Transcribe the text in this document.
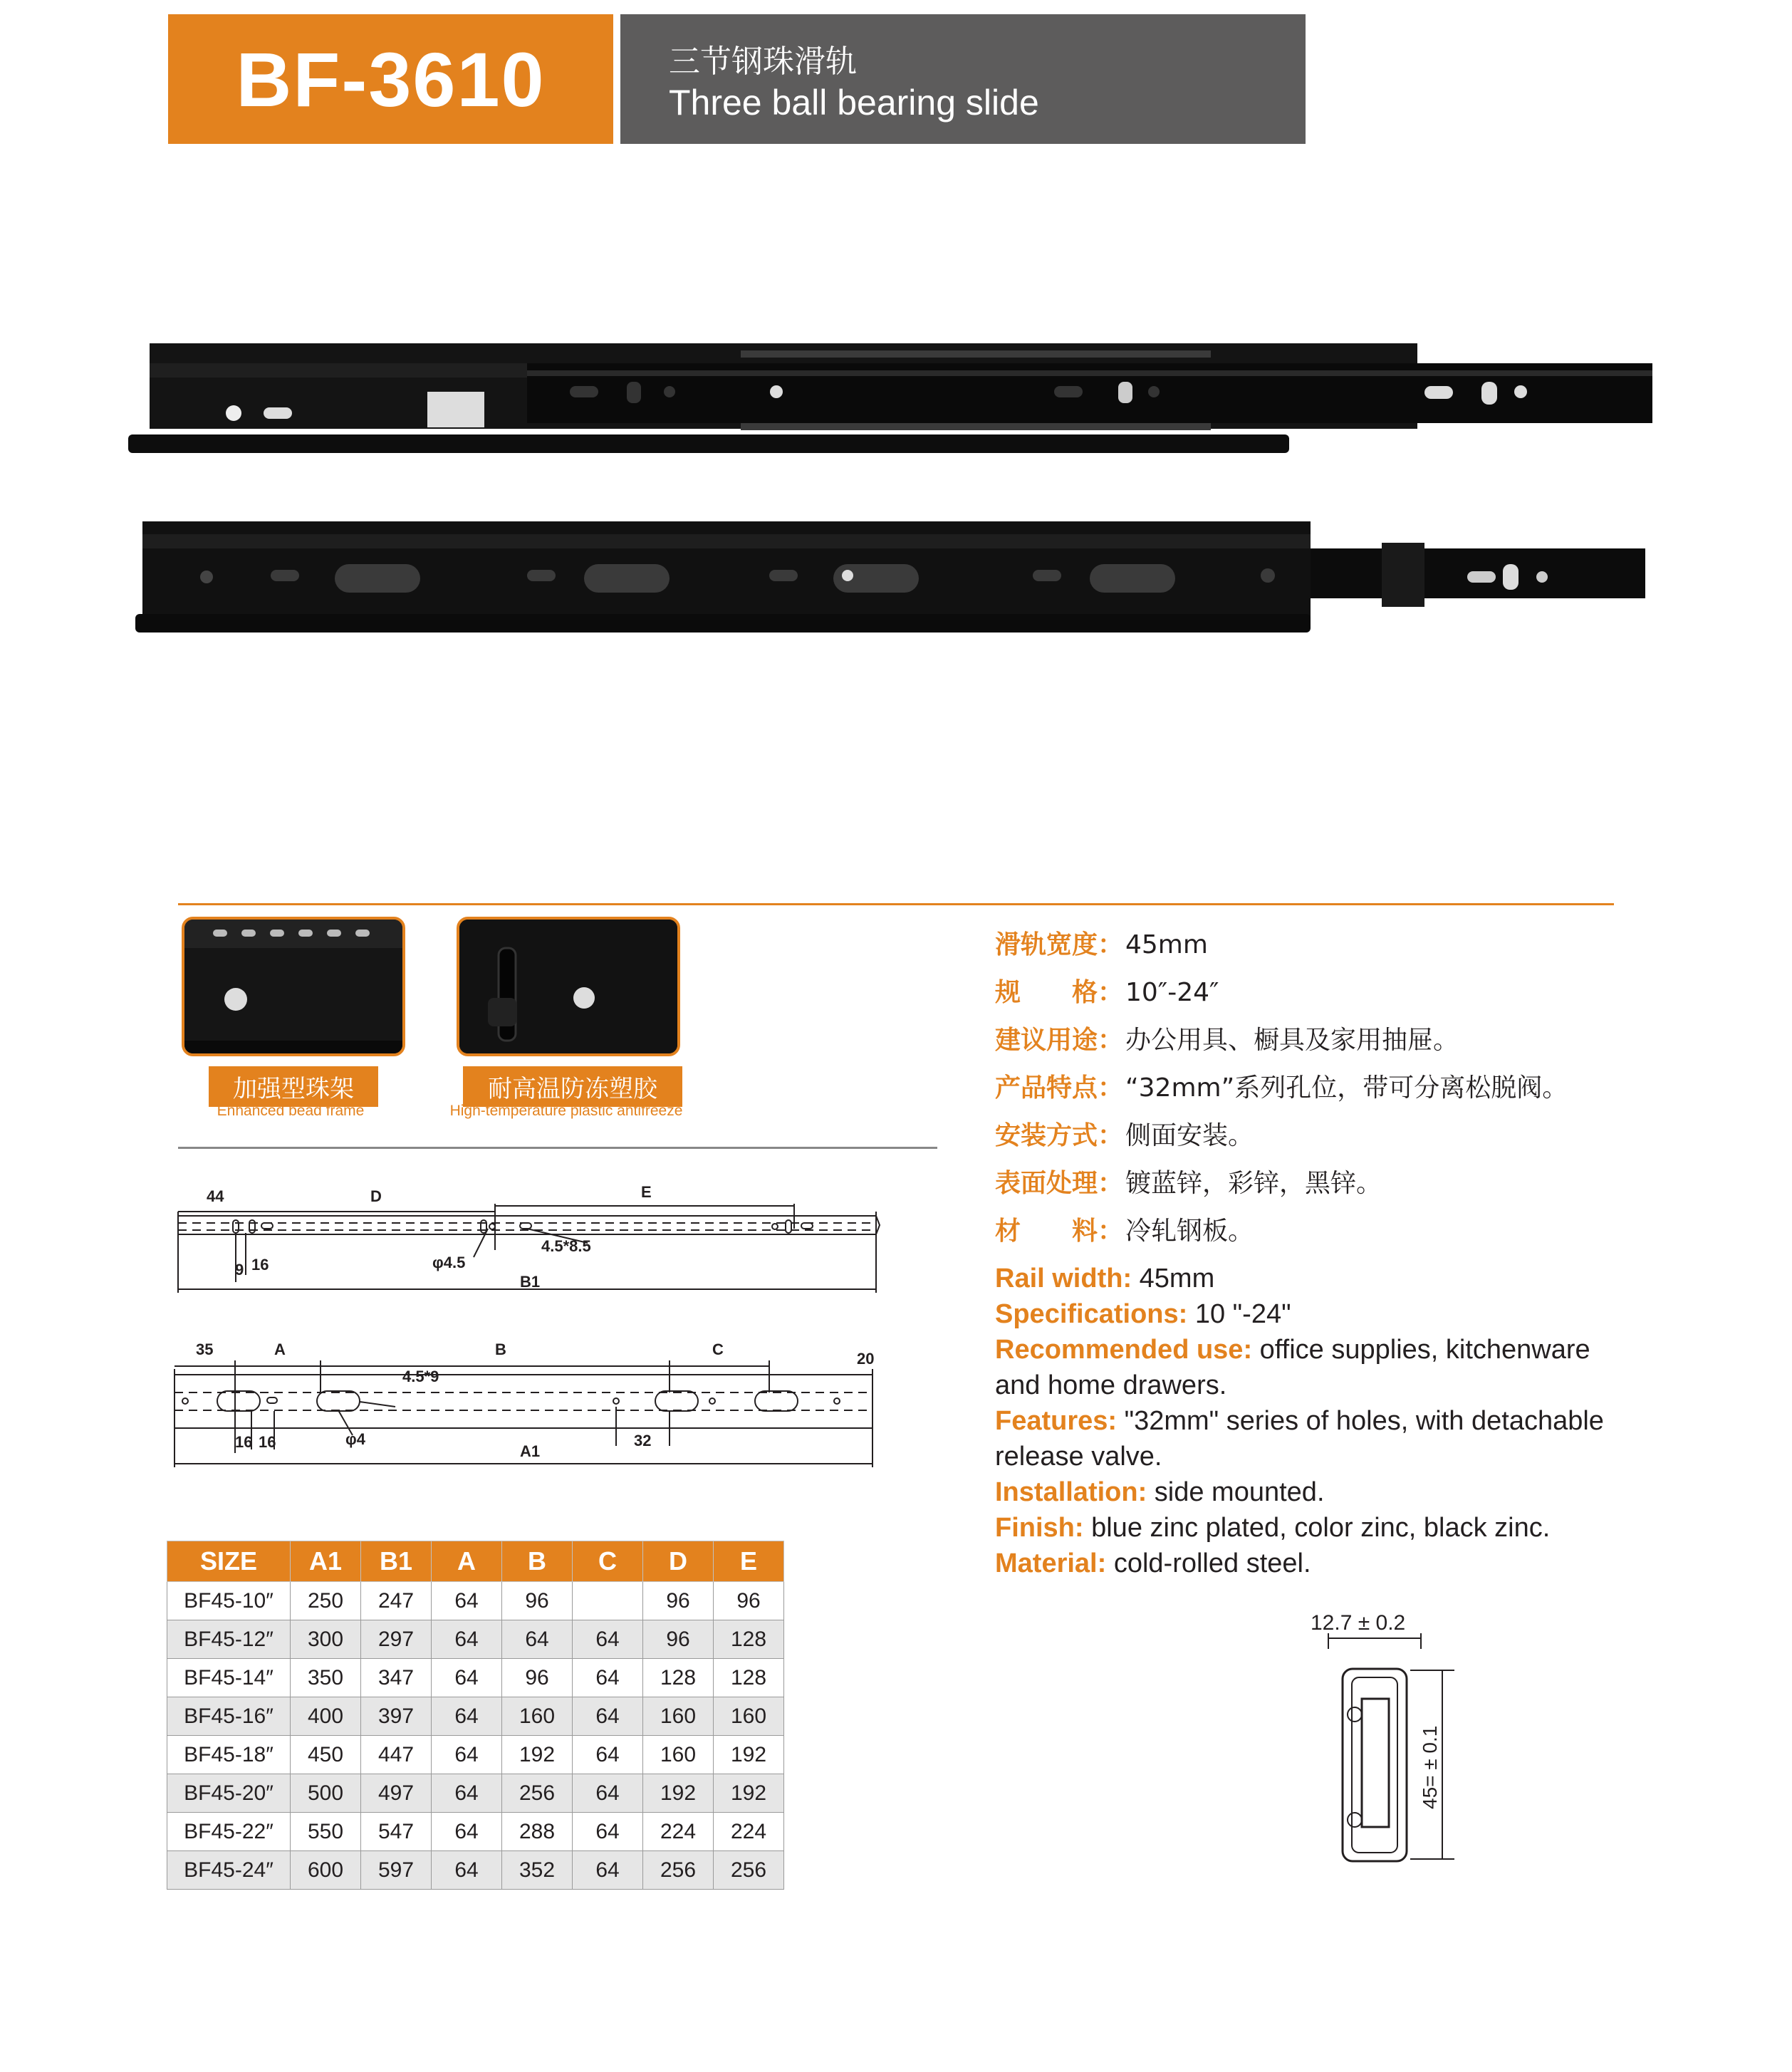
BF-3610	三节钢珠滑轨
Three ball bearing slide
加强型珠架
Enhanced bead frame
耐高温防冻塑胶
High-temperature plastic antifreeze
44	D	E
9 16	φ4.5
4.5*8.5
B1
35	A	B	C
20
4.5*9
16 16	φ4
A1
32
滑轨宽度：45mm
规　　格：10″-24″
建议用途：办公用具、橱具及家用抽屉。
产品特点：“32mm”系列孔位，带可分离松脱阀。
安装方式：侧面安装。
表面处理：镀蓝锌，彩锌，黑锌。
材　　料：冷轧钢板。
Rail width: 45mm
Specifications: 10 "-24"
Recommended use: office supplies, kitchenware and home drawers.
Features: "32mm" series of holes, with detachable release valve.
Installation: side mounted.
Finish: blue zinc plated, color zinc, black zinc.
Material: cold-rolled steel.
SIZE	A1	B1	A	B	C	D	E
BF45-10″	250	247	64	96		96	96
BF45-12″	300	297	64	64	64	96	128
BF45-14″	350	347	64	96	64	128	128
BF45-16″	400	397	64	160	64	160	160
BF45-18″	450	447	64	192	64	160	192
BF45-20″	500	497	64	256	64	192	192
BF45-22″	550	547	64	288	64	224	224
BF45-24″	600	597	64	352	64	256	256
12.7 ± 0.2
45= ± 0.1
